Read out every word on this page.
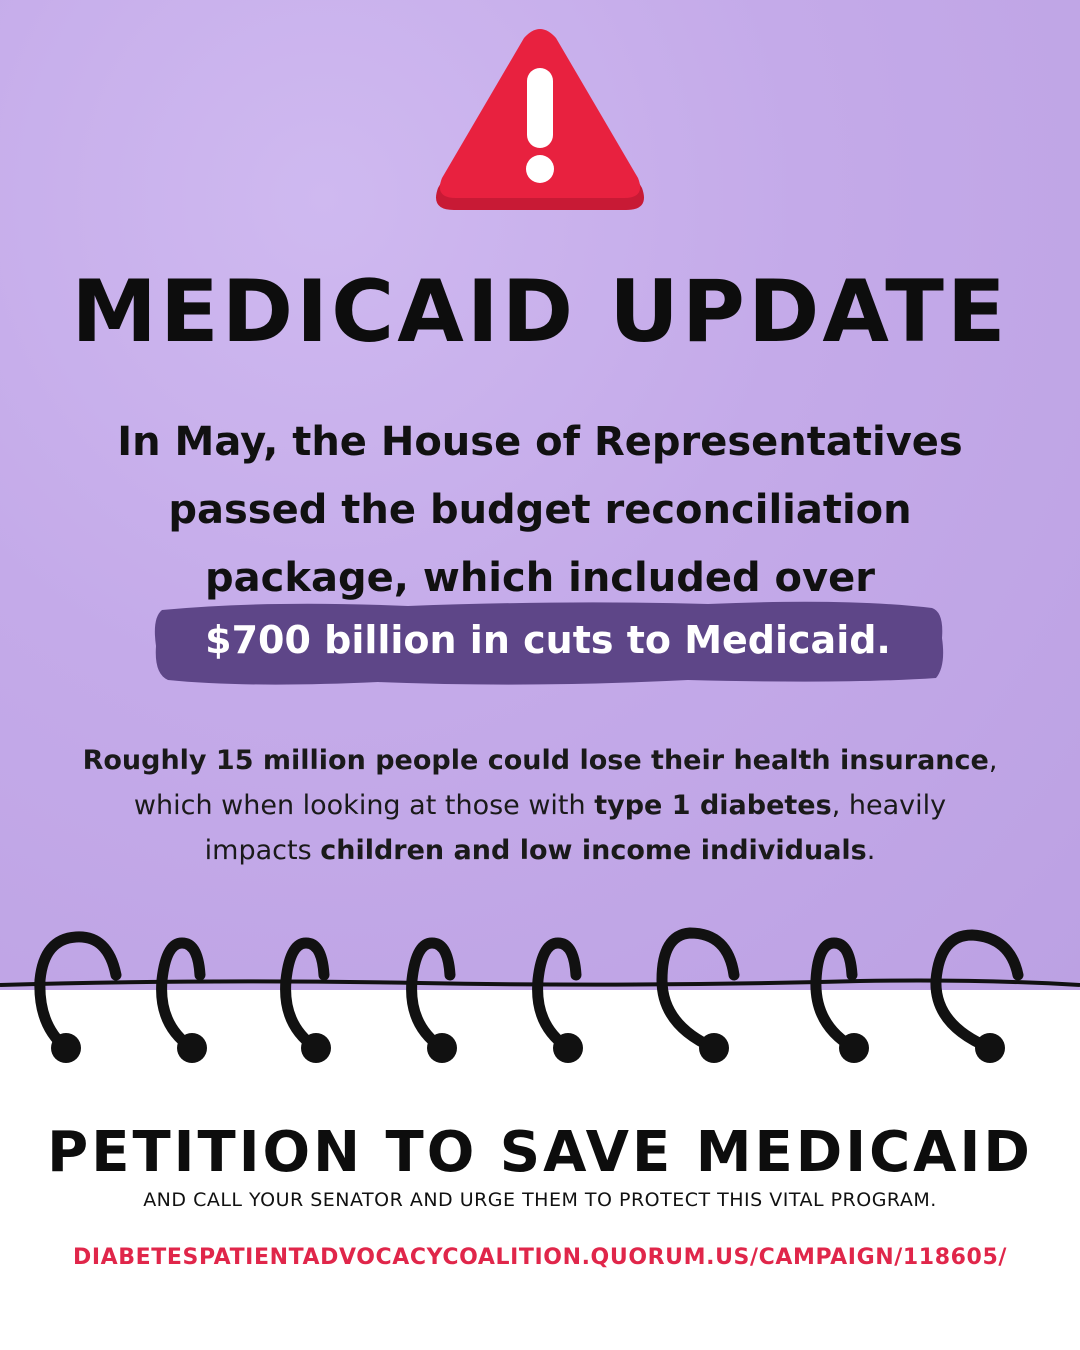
MEDICAID UPDATE
In May, the House of Representatives
passed the budget reconciliation
package, which included over
$700 billion in cuts to Medicaid.
Roughly 15 million people could lose their health insurance,
which when looking at those with type 1 diabetes, heavily
impacts children and low income individuals.
PETITION TO SAVE MEDICAID
AND CALL YOUR SENATOR AND URGE THEM TO PROTECT THIS VITAL PROGRAM.
DIABETESPATIENTADVOCACYCOALITION.QUORUM.US/CAMPAIGN/118605/
